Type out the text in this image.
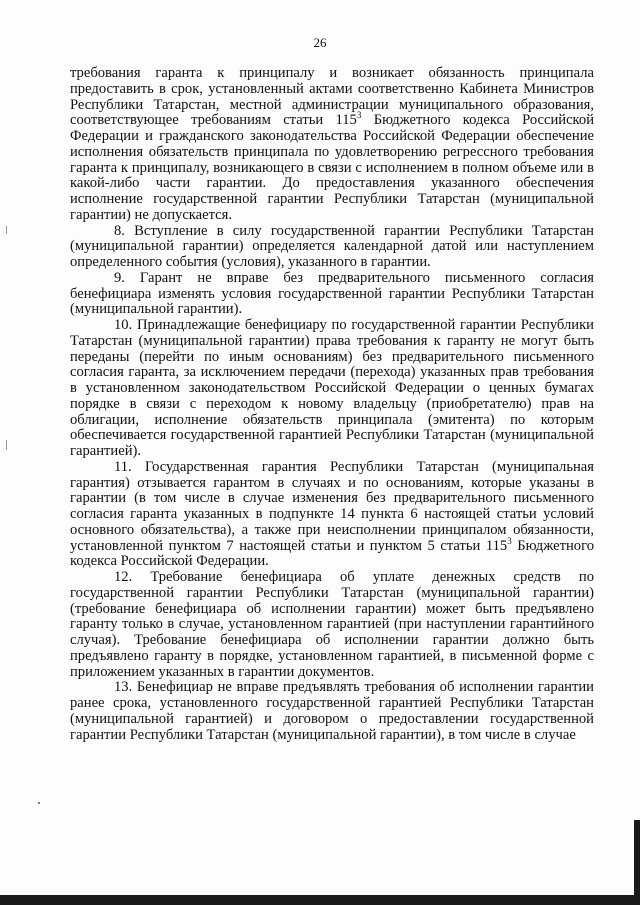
26

требования гаранта к принципалу и возникает обязанность принципала предоставить в срок, установленный актами соответственно Кабинета Министров Республики Татарстан, местной администрации муниципального образования, соответствующее требованиям статьи $115^3$ Бюджетного кодекса Российской Федерации и гражданского законодательства Российской Федерации обеспечение исполнения обязательств принципала по удовлетворению регрессного требования гаранта к принципалу, возникающего в связи с исполнением в полном объеме или в какой-либо части гарантии. До предоставления указанного обеспечения исполнение государственной гарантии Республики Татарстан (муниципальной гарантии) не допускается.

8. Вступление в силу государственной гарантии Республики Татарстан (муниципальной гарантии) определяется календарной датой или наступлением определенного события (условия), указанного в гарантии.

9. Гарант не вправе без предварительного письменного согласия бенефициара изменять условия государственной гарантии Республики Татарстан (муниципальной гарантии).

10. Принадлежащие бенефициару по государственной гарантии Республики Татарстан (муниципальной гарантии) права требования к гаранту не могут быть переданы (перейти по иным основаниям) без предварительного письменного согласия гаранта, за исключением передачи (перехода) указанных прав требования в установленном законодательством Российской Федерации о ценных бумагах порядке в связи с переходом к новому владельцу (приобретателю) прав на облигации, исполнение обязательств принципала (эмитента) по которым обеспечивается государственной гарантией Республики Татарстан (муниципальной гарантией).

11. Государственная гарантия Республики Татарстан (муниципальная гарантия) отзывается гарантом в случаях и по основаниям, которые указаны в гарантии (в том числе в случае изменения без предварительного письменного согласия гаранта указанных в подпункте 14 пункта 6 настоящей статьи условий основного обязательства), а также при неисполнении принципалом обязанности, установленной пунктом 7 настоящей статьи и пунктом 5 статьи $115^3$ Бюджетного кодекса Российской Федерации.

12. Требование бенефициара об уплате денежных средств по государственной гарантии Республики Татарстан (муниципальной гарантии) (требование бенефициара об исполнении гарантии) может быть предъявлено гаранту только в случае, установленном гарантией (при наступлении гарантийного случая). Требование бенефициара об исполнении гарантии должно быть предъявлено гаранту в порядке, установленном гарантией, в письменной форме с приложением указанных в гарантии документов.

13. Бенефициар не вправе предъявлять требования об исполнении гарантии ранее срока, установленного государственной гарантией Республики Татарстан (муниципальной гарантией) и договором о предоставлении государственной гарантии Республики Татарстан (муниципальной гарантии), в том числе в случае
